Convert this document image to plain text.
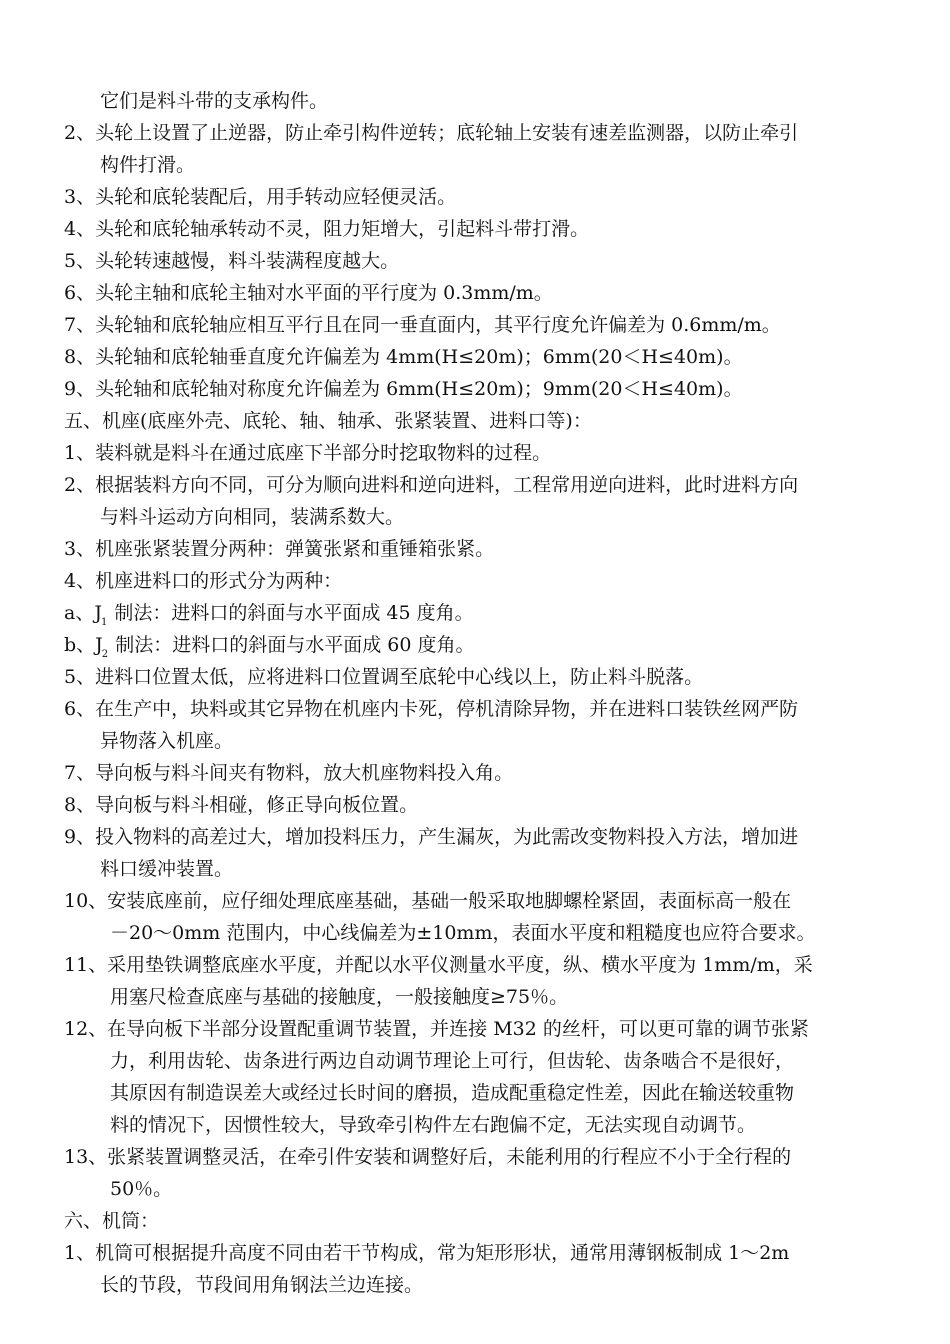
它们是料斗带的支承构件。
2、头轮上设置了止逆器，防止牵引构件逆转；底轮轴上安装有速差监测器，以防止牵引
构件打滑。
3、头轮和底轮装配后，用手转动应轻便灵活。
4、头轮和底轮轴承转动不灵，阻力矩增大，引起料斗带打滑。
5、头轮转速越慢，料斗装满程度越大。
6、头轮主轴和底轮主轴对水平面的平行度为 0.3mm/m。
7、头轮轴和底轮轴应相互平行且在同一垂直面内，其平行度允许偏差为 0.6mm/m。
8、头轮轴和底轮轴垂直度允许偏差为 4mm(H≤20m)；6mm(20＜H≤40m)。
9、头轮轴和底轮轴对称度允许偏差为 6mm(H≤20m)；9mm(20＜H≤40m)。
五、机座(底座外壳、底轮、轴、轴承、张紧装置、进料口等)：
1、装料就是料斗在通过底座下半部分时挖取物料的过程。
2、根据装料方向不同，可分为顺向进料和逆向进料，工程常用逆向进料，此时进料方向
与料斗运动方向相同，装满系数大。
3、机座张紧装置分两种：弹簧张紧和重锤箱张紧。
4、机座进料口的形式分为两种：
a、$J_1$ 制法：进料口的斜面与水平面成 45 度角。
b、$J_2$ 制法：进料口的斜面与水平面成 60 度角。
5、进料口位置太低，应将进料口位置调至底轮中心线以上，防止料斗脱落。
6、在生产中，块料或其它异物在机座内卡死，停机清除异物，并在进料口装铁丝网严防
异物落入机座。
7、导向板与料斗间夹有物料，放大机座物料投入角。
8、导向板与料斗相碰，修正导向板位置。
9、投入物料的高差过大，增加投料压力，产生漏灰，为此需改变物料投入方法，增加进
料口缓冲装置。
10、安装底座前，应仔细处理底座基础，基础一般采取地脚螺栓紧固，表面标高一般在
－20～0mm 范围内，中心线偏差为±10mm，表面水平度和粗糙度也应符合要求。
11、采用垫铁调整底座水平度，并配以水平仪测量水平度，纵、横水平度为 1mm/m，采
用塞尺检查底座与基础的接触度，一般接触度≥75％。
12、在导向板下半部分设置配重调节装置，并连接 M32 的丝杆，可以更可靠的调节张紧
力，利用齿轮、齿条进行两边自动调节理论上可行，但齿轮、齿条啮合不是很好，
其原因有制造误差大或经过长时间的磨损，造成配重稳定性差，因此在输送较重物
料的情况下，因惯性较大，导致牵引构件左右跑偏不定，无法实现自动调节。
13、张紧装置调整灵活，在牵引件安装和调整好后，未能利用的行程应不小于全行程的
50％。
六、机筒：
1、机筒可根据提升高度不同由若干节构成，常为矩形形状，通常用薄钢板制成 1～2m
长的节段，节段间用角钢法兰边连接。
